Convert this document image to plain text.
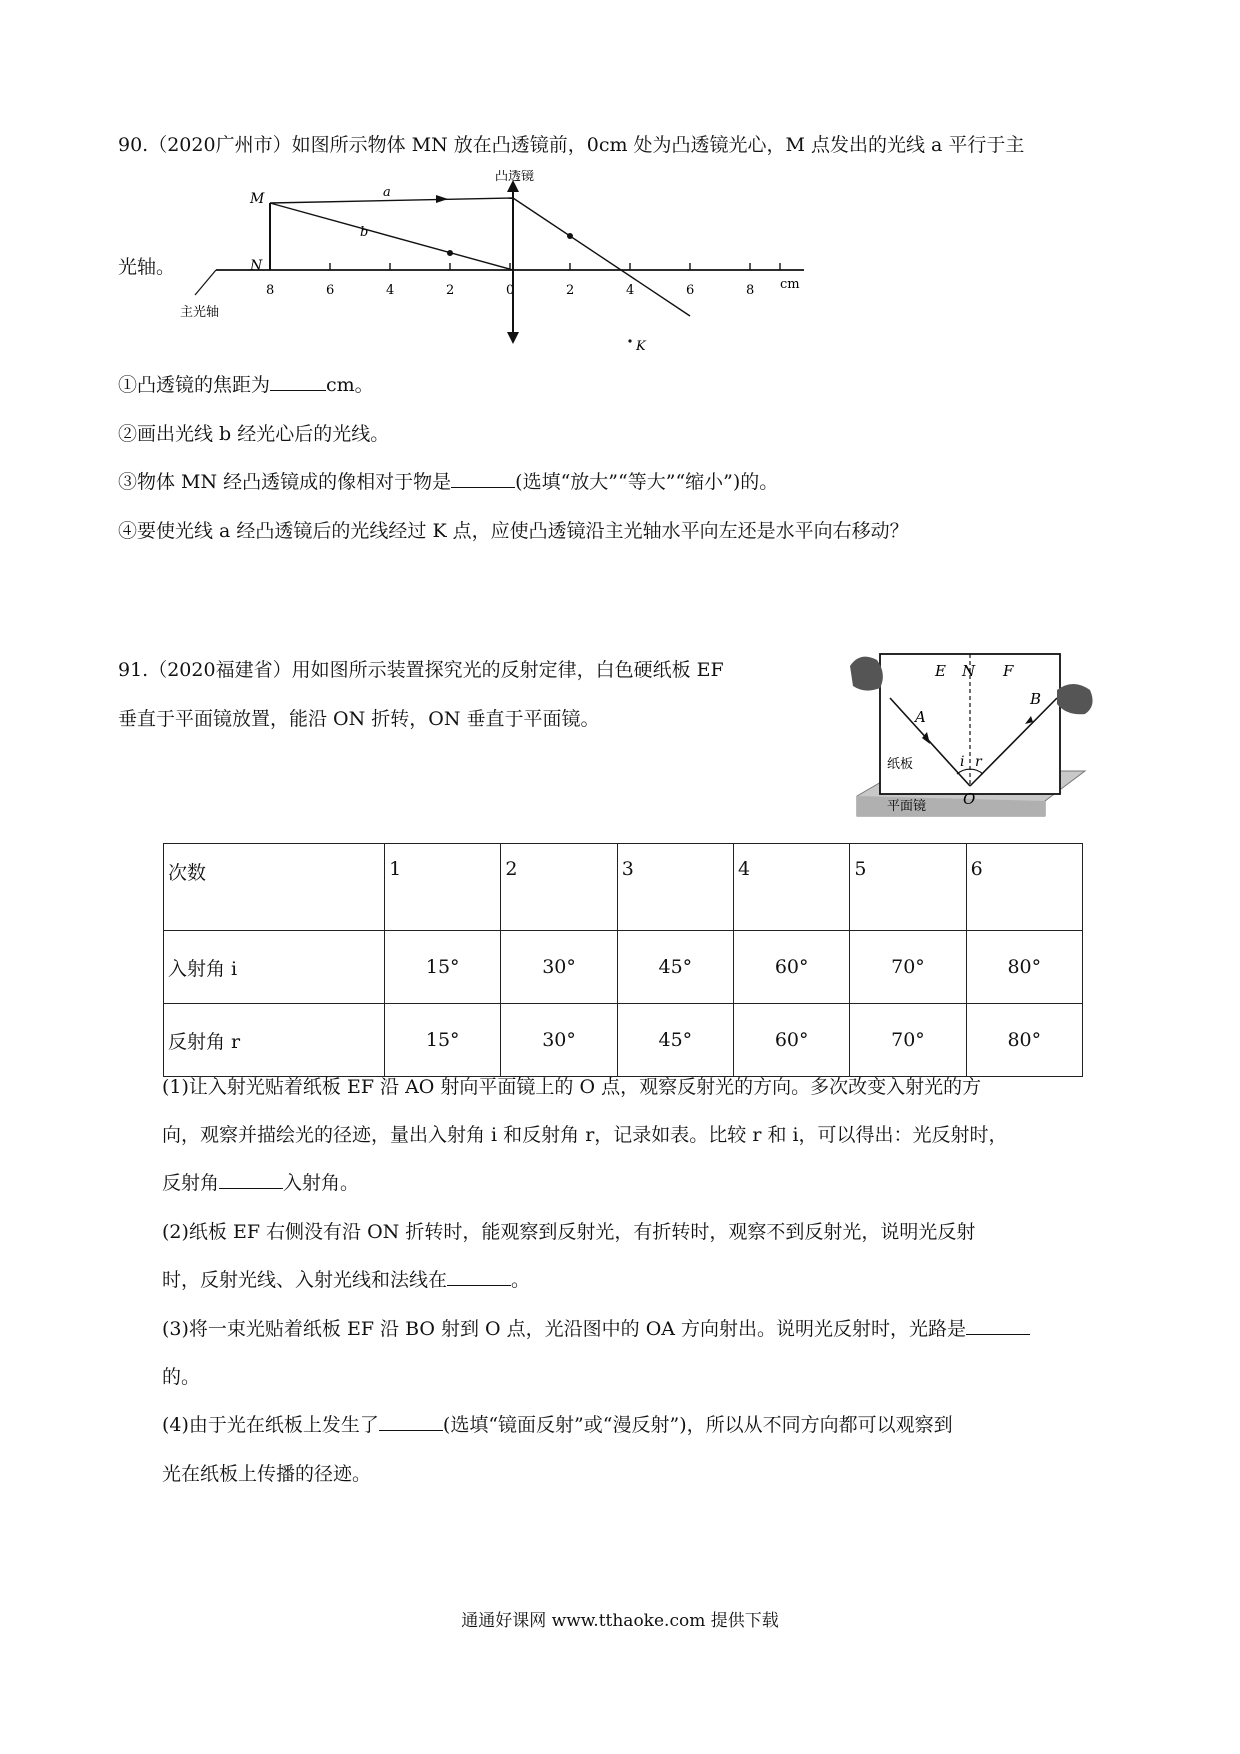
90.（2020广州市）如图所示物体 MN 放在凸透镜前，0cm 处为凸透镜光心，M 点发出的光线 a 平行于主
光轴。
8	6	4	2	0	2	4	6	8 cm
凸透镜
M
N
a
b
主光轴
K
①凸透镜的焦距为	cm。
②画出光线 b 经光心后的光线。
③物体 MN 经凸透镜成的像相对于物是	(选填“放大”“等大”“缩小”)的。
④要使光线 a 经凸透镜后的光线经过 K 点，应使凸透镜沿主光轴水平向左还是水平向右移动？
91.（2020福建省）用如图所示装置探究光的反射定律，白色硬纸板 EF
垂直于平面镜放置，能沿 ON 折转，ON 垂直于平面镜。
E N F
A
B
i r
O
纸板
平面镜
次数	1	2	3	4	5	6
入射角 i	15°	30°	45°	60°	70°	80°
反射角 r	15°	30°	45°	60°	70°	80°
(1)让入射光贴着纸板 EF 沿 AO 射向平面镜上的 O 点，观察反射光的方向。多次改变入射光的方
向，观察并描绘光的径迹，量出入射角 i 和反射角 r，记录如表。比较 r 和 i，可以得出：光反射时，
反射角	入射角。
(2)纸板 EF 右侧没有沿 ON 折转时，能观察到反射光，有折转时，观察不到反射光，说明光反射
时，反射光线、入射光线和法线在	。
(3)将一束光贴着纸板 EF 沿 BO 射到 O 点，光沿图中的 OA 方向射出。说明光反射时，光路是
的。
(4)由于光在纸板上发生了	(选填“镜面反射”或“漫反射”)，所以从不同方向都可以观察到
光在纸板上传播的径迹。
通通好课网 www.tthaoke.com 提供下载
